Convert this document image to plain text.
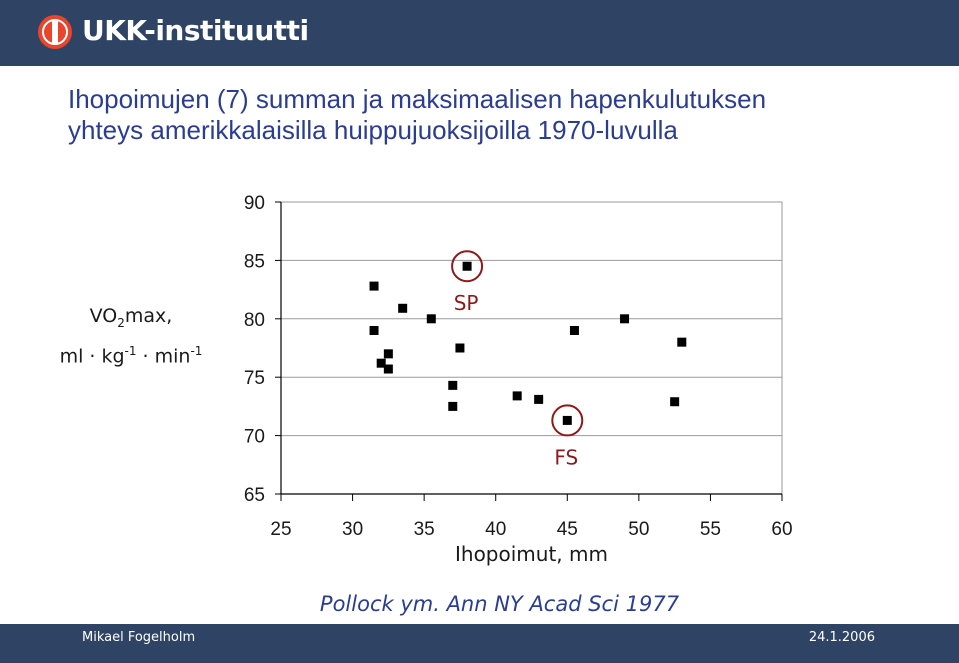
UKK-instituutti
Ihopoimujen (7) summan ja maksimaalisen hapenkulutuksen
yhteys amerikkalaisilla huippujuoksijoilla 1970-luvulla
$VO_2\max$,
ml · $kg^{-1} \cdot \min^{-1}$
65
70
75
80
85
90
25	30	35	40	45	50	55	60
Ihopoimut, mm
SP
FS
Pollock ym. Ann NY Acad Sci 1977
Mikael Fogelholm	24.1.2006
